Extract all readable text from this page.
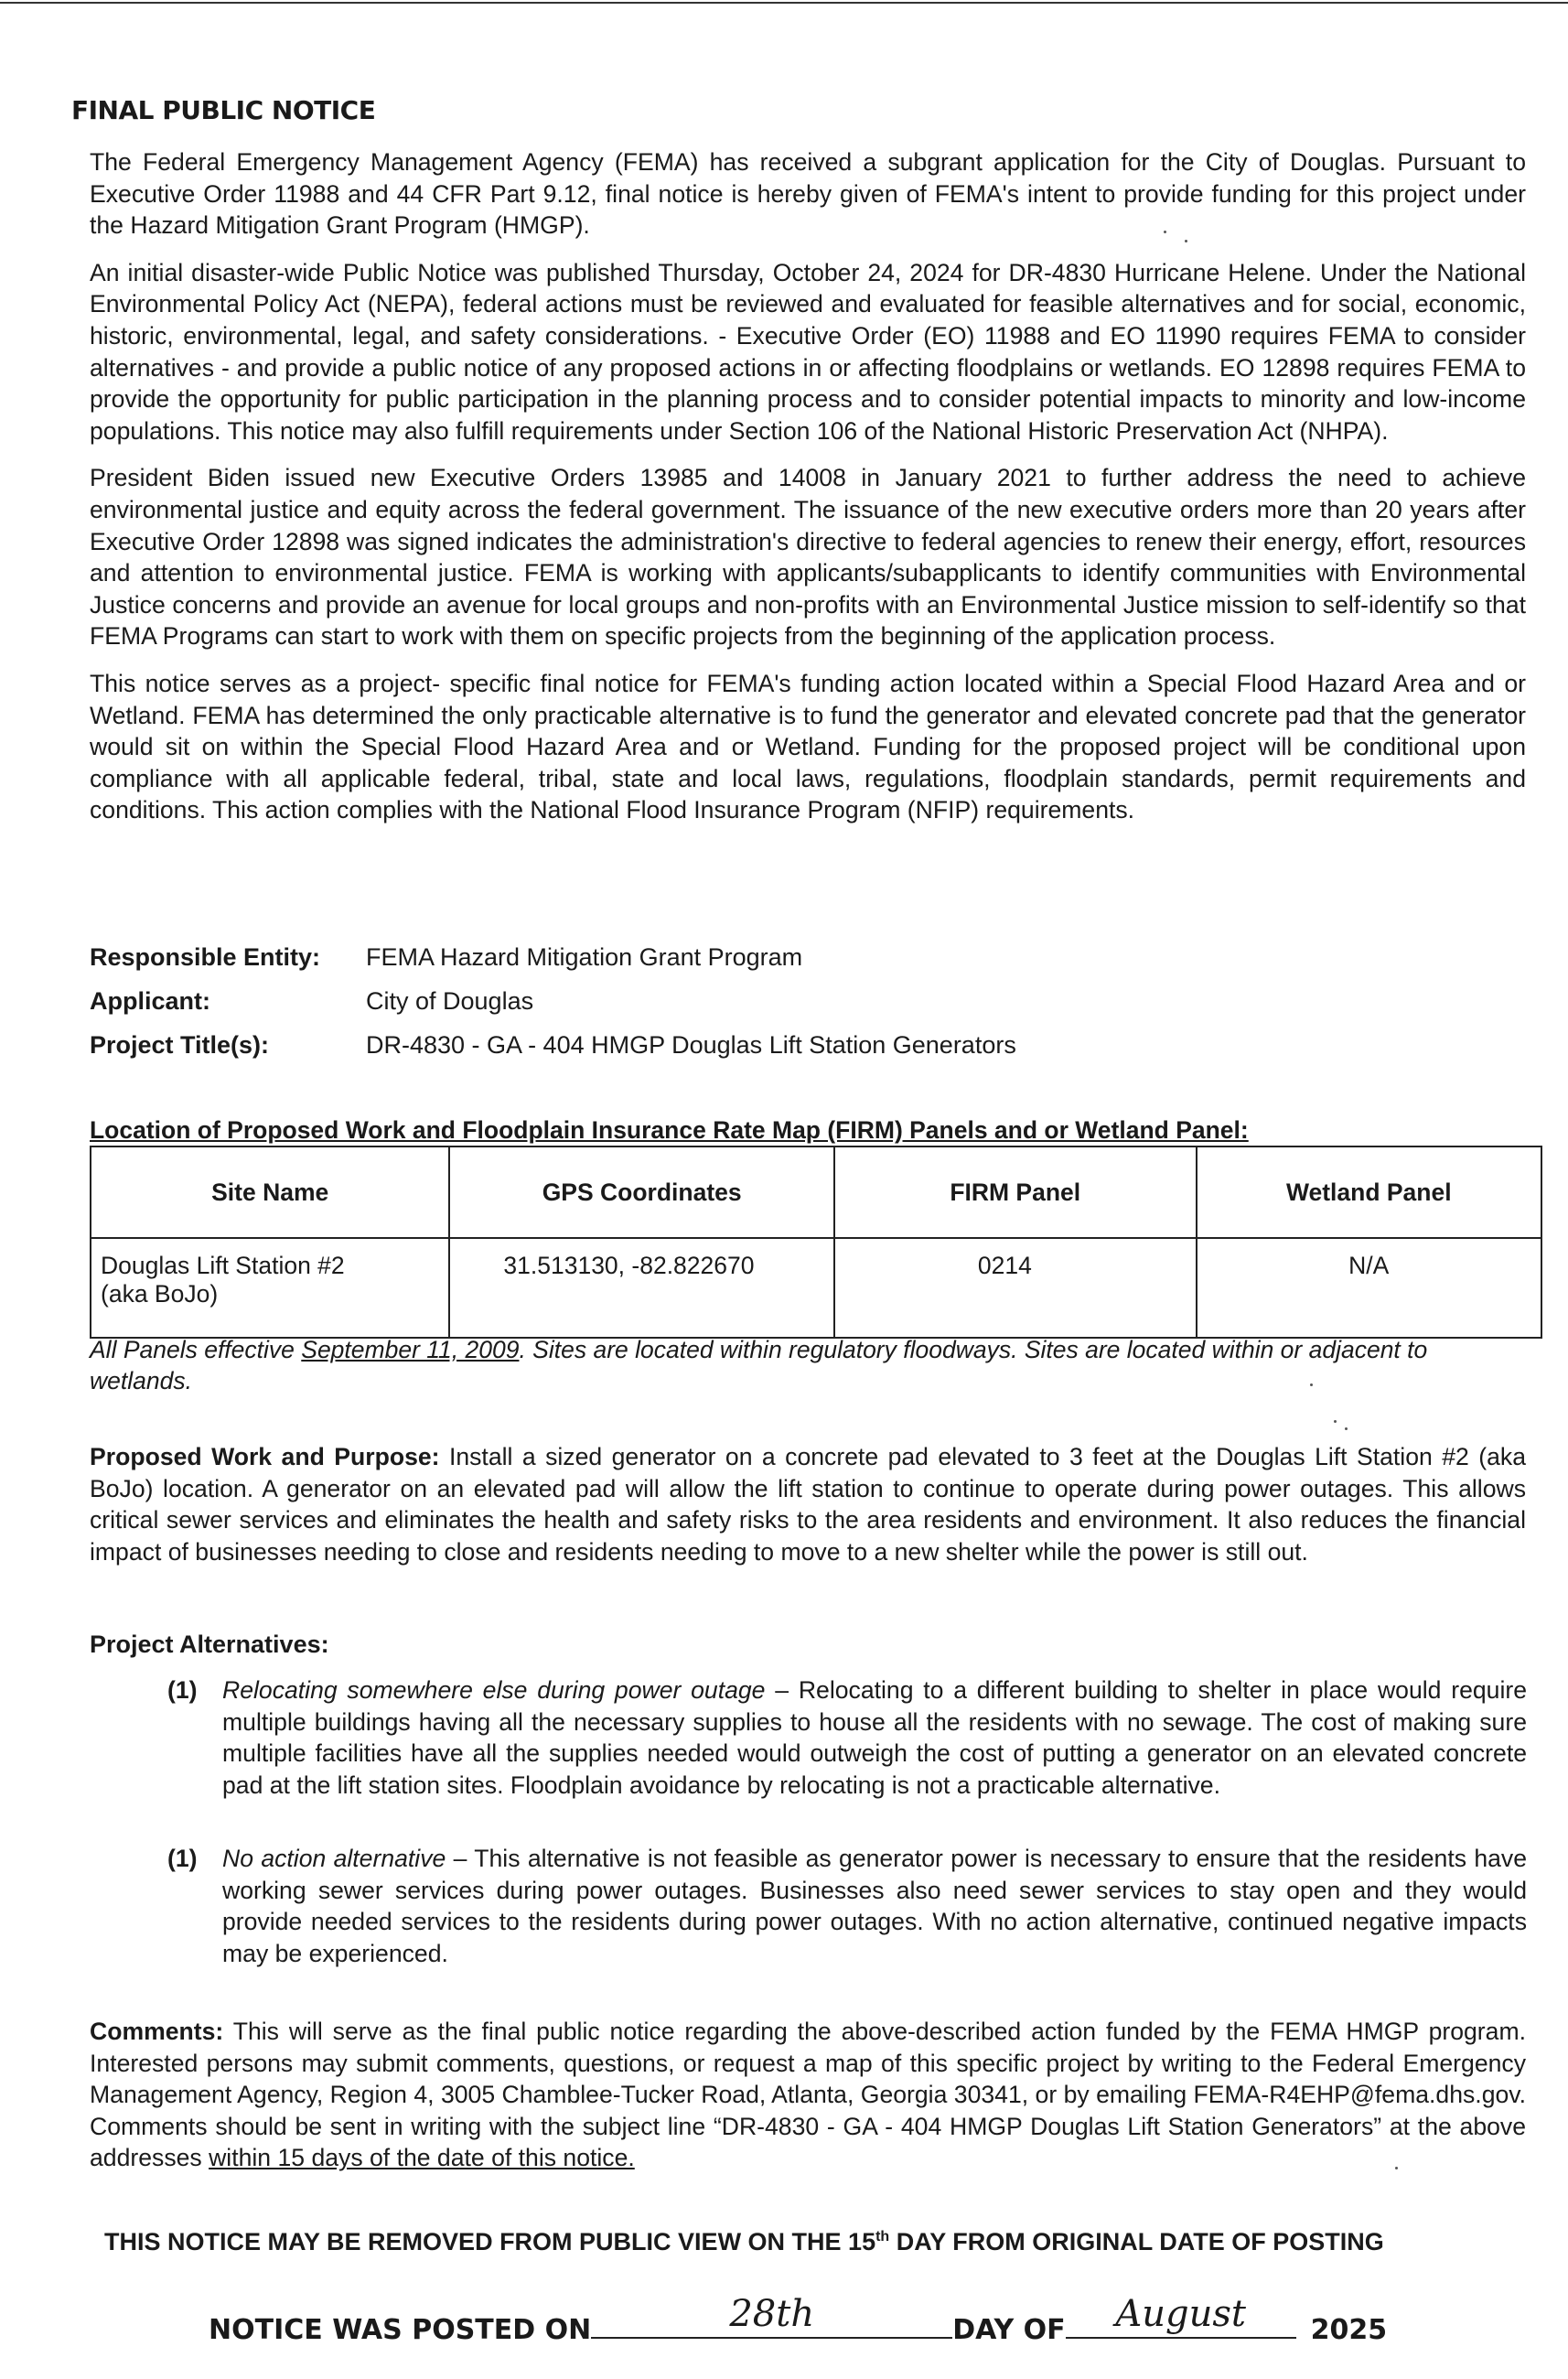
FINAL PUBLIC NOTICE

The Federal Emergency Management Agency (FEMA) has received a subgrant application for the City of Douglas. Pursuant to Executive Order 11988 and 44 CFR Part 9.12, final notice is hereby given of FEMA's intent to provide funding for this project under the Hazard Mitigation Grant Program (HMGP).

An initial disaster-wide Public Notice was published Thursday, October 24, 2024 for DR-4830 Hurricane Helene. Under the National Environmental Policy Act (NEPA), federal actions must be reviewed and evaluated for feasible alternatives and for social, economic, historic, environmental, legal, and safety considerations. - Executive Order (EO) 11988 and EO 11990 requires FEMA to consider alternatives - and provide a public notice of any proposed actions in or affecting floodplains or wetlands. EO 12898 requires FEMA to provide the opportunity for public participation in the planning process and to consider potential impacts to minority and low-income populations. This notice may also fulfill requirements under Section 106 of the National Historic Preservation Act (NHPA).

President Biden issued new Executive Orders 13985 and 14008 in January 2021 to further address the need to achieve environmental justice and equity across the federal government. The issuance of the new executive orders more than 20 years after Executive Order 12898 was signed indicates the administration's directive to federal agencies to renew their energy, effort, resources and attention to environmental justice. FEMA is working with applicants/subapplicants to identify communities with Environmental Justice concerns and provide an avenue for local groups and non-profits with an Environmental Justice mission to self-identify so that FEMA Programs can start to work with them on specific projects from the beginning of the application process.

This notice serves as a project- specific final notice for FEMA's funding action located within a Special Flood Hazard Area and or Wetland. FEMA has determined the only practicable alternative is to fund the generator and elevated concrete pad that the generator would sit on within the Special Flood Hazard Area and or Wetland. Funding for the proposed project will be conditional upon compliance with all applicable federal, tribal, state and local laws, regulations, floodplain standards, permit requirements and conditions. This action complies with the National Flood Insurance Program (NFIP) requirements.

Responsible Entity:	FEMA Hazard Mitigation Grant Program
Applicant:	City of Douglas
Project Title(s):	DR-4830 - GA - 404 HMGP Douglas Lift Station Generators
Location of Proposed Work and Floodplain Insurance Rate Map (FIRM) Panels and or Wetland Panel:
Site Name	GPS Coordinates	FIRM Panel	Wetland Panel

Douglas Lift Station #2
(aka BoJo)	31.513130, -82.822670	0214	N/A
All Panels effective September 11, 2009. Sites are located within regulatory floodways. Sites are located within or adjacent to wetlands.

Proposed Work and Purpose: Install a sized generator on a concrete pad elevated to 3 feet at the Douglas Lift Station #2 (aka BoJo) location. A generator on an elevated pad will allow the lift station to continue to operate during power outages. This allows critical sewer services and eliminates the health and safety risks to the area residents and environment. It also reduces the financial impact of businesses needing to close and residents needing to move to a new shelter while the power is still out.

Project Alternatives:
(1) Relocating somewhere else during power outage – Relocating to a different building to shelter in place would require multiple buildings having all the necessary supplies to house all the residents with no sewage. The cost of making sure multiple facilities have all the supplies needed would outweigh the cost of putting a generator on an elevated concrete pad at the lift station sites. Floodplain avoidance by relocating is not a practicable alternative.
(1) No action alternative – This alternative is not feasible as generator power is necessary to ensure that the residents have working sewer services during power outages. Businesses also need sewer services to stay open and they would provide needed services to the residents during power outages. With no action alternative, continued negative impacts may be experienced.

Comments: This will serve as the final public notice regarding the above-described action funded by the FEMA HMGP program. Interested persons may submit comments, questions, or request a map of this specific project by writing to the Federal Emergency Management Agency, Region 4, 3005 Chamblee-Tucker Road, Atlanta, Georgia 30341, or by emailing FEMA-R4EHP@fema.dhs.gov. Comments should be sent in writing with the subject line “DR-4830 - GA - 404 HMGP Douglas Lift Station Generators” at the above addresses within 15 days of the date of this notice.

THIS NOTICE MAY BE REMOVED FROM PUBLIC VIEW ON THE 15th DAY FROM ORIGINAL DATE OF POSTING
NOTICE WAS POSTED ON	28th	DAY OF	August	2025
